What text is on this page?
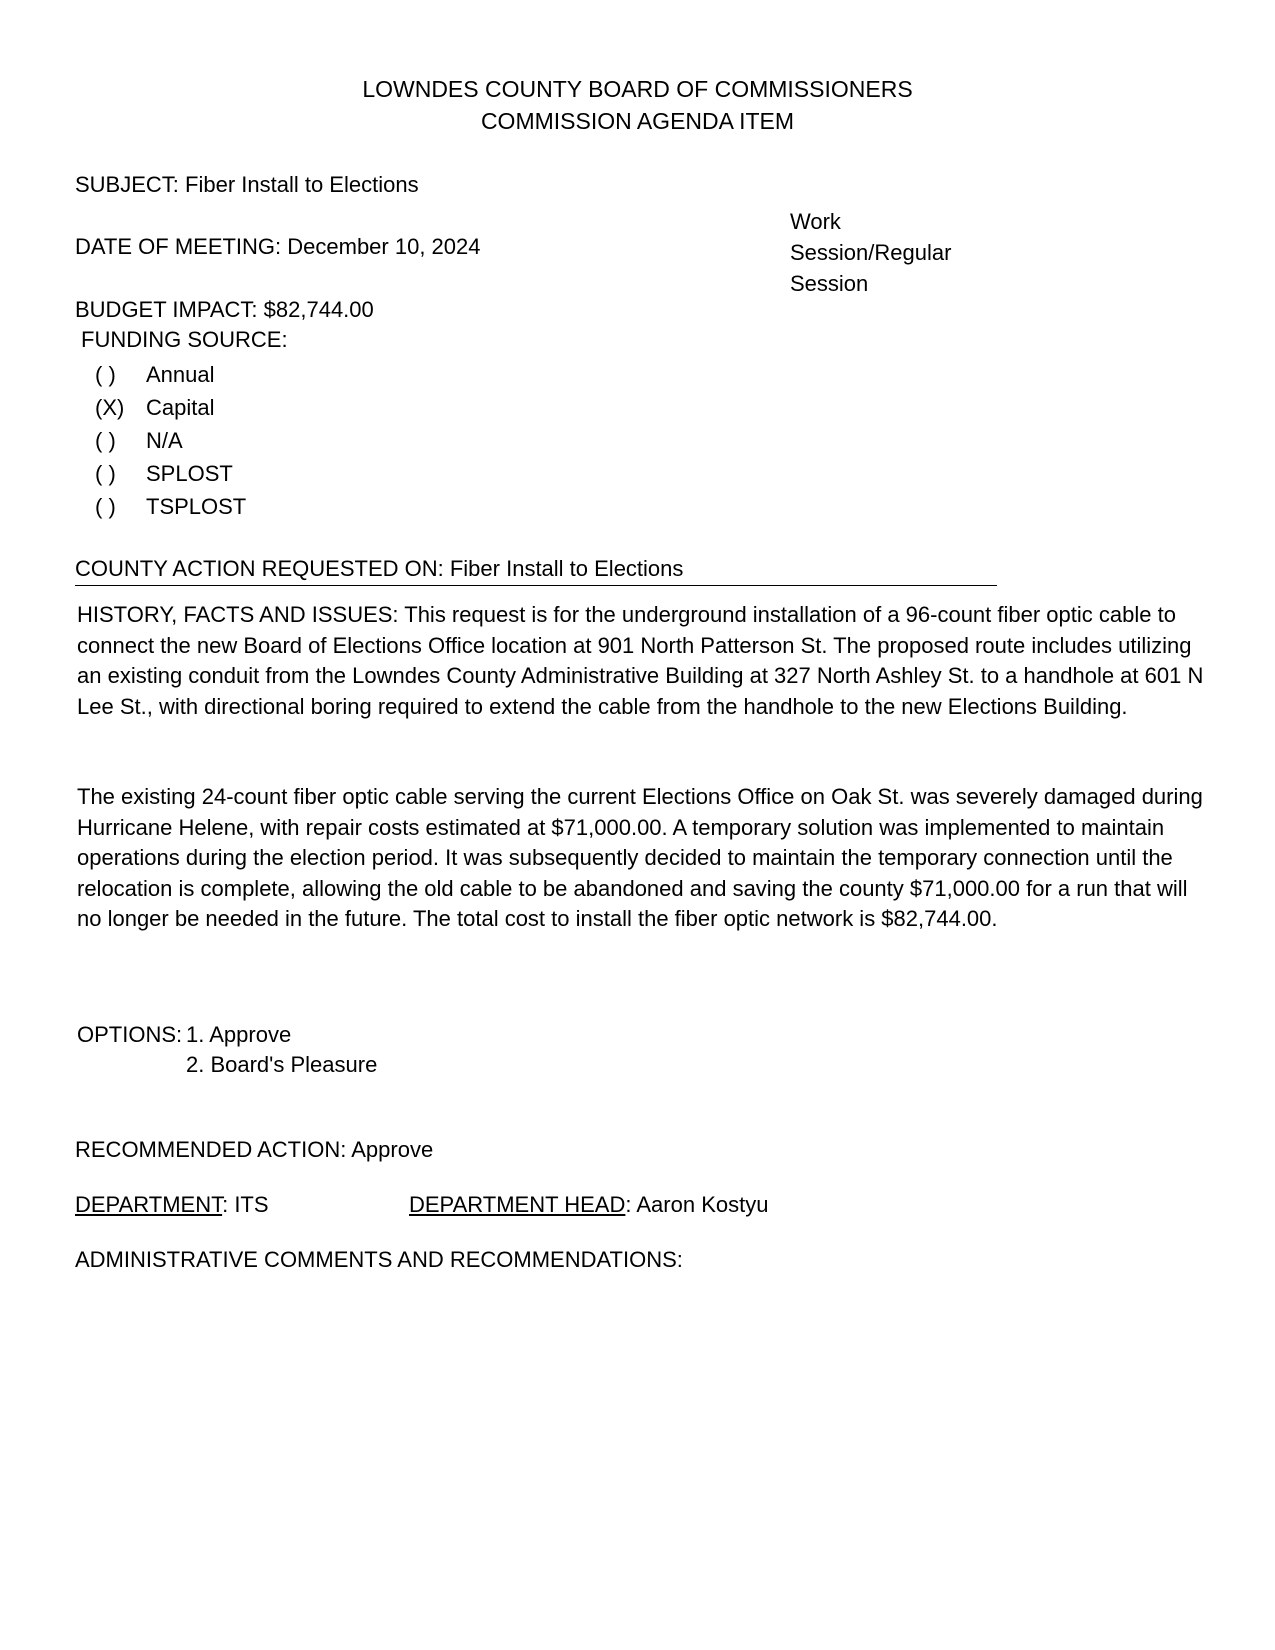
LOWNDES COUNTY BOARD OF COMMISSIONERS
COMMISSION AGENDA ITEM
SUBJECT: Fiber Install to Elections
DATE OF MEETING: December 10, 2024
Work
Session/Regular
Session
BUDGET IMPACT: $82,744.00
FUNDING SOURCE:
( )	Annual
(X) Capital
( )	N/A
( )	SPLOST
( )	TSPLOST
COUNTY ACTION REQUESTED ON: Fiber Install to Elections
HISTORY, FACTS AND ISSUES: This request is for the underground installation of a 96-count fiber optic cable to connect the new Board of Elections Office location at 901 North Patterson St. The proposed route includes utilizing an existing conduit from the Lowndes County Administrative Building at 327 North Ashley St. to a handhole at 601 N Lee St., with directional boring required to extend the cable from the handhole to the new Elections Building.
The existing 24-count fiber optic cable serving the current Elections Office on Oak St. was severely damaged during Hurricane Helene, with repair costs estimated at $71,000.00. A temporary solution was implemented to maintain operations during the election period. It was subsequently decided to maintain the temporary connection until the relocation is complete, allowing the old cable to be abandoned and saving the county $71,000.00 for a run that will no longer be needed in the future. The total cost to install the fiber optic network is $82,744.00.
OPTIONS: 1. Approve
2. Board's Pleasure
RECOMMENDED ACTION: Approve
DEPARTMENT: ITS	DEPARTMENT HEAD: Aaron Kostyu
ADMINISTRATIVE COMMENTS AND RECOMMENDATIONS:
